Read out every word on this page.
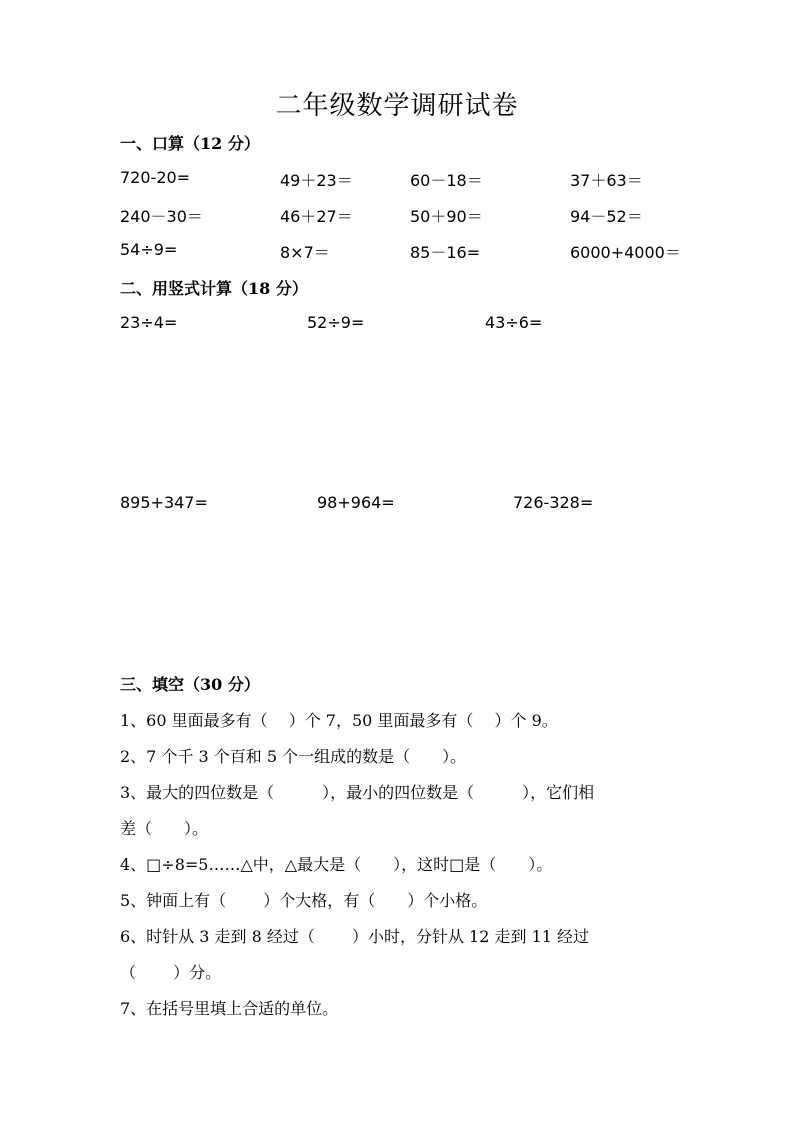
二年级数学调研试卷
一、口算（12 分）
720-20=	49＋23＝	60－18＝	37＋63＝
240－30＝	46＋27＝	50＋90＝	94－52＝
54÷9=	8×7＝	85－16=	6000+4000＝
二、用竖式计算（18 分）
23÷4=	52÷9=	43÷6=
895+347=	98+964=	726-328=
三、填空（30 分）
1、60 里面最多有（　 ）个 7，50 里面最多有（　 ）个 9。
2、7 个千 3 个百和 5 个一组成的数是（　　）。
3、最大的四位数是（　　　），最小的四位数是（　　　），它们相
差（　　）。
4、□÷8=5……△中，△最大是（　　），这时□是（　　）。
5、钟面上有（　　 ）个大格，有（　　）个小格。
6、时针从 3 走到 8 经过（　　 ）小时，分针从 12 走到 11 经过
（　　 ）分。
7、在括号里填上合适的单位。
